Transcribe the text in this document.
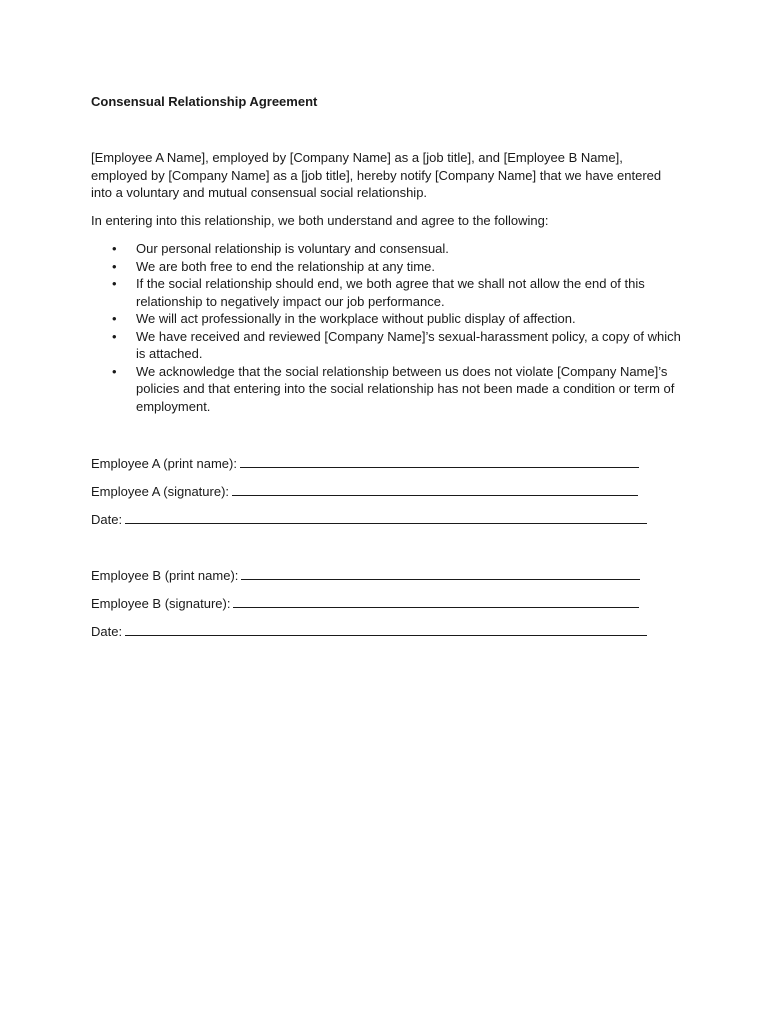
Consensual Relationship Agreement

[Employee A Name], employed by [Company Name] as a [job title], and [Employee B Name], employed by [Company Name] as a [job title], hereby notify [Company Name] that we have entered into a voluntary and mutual consensual social relationship.

In entering into this relationship, we both understand and agree to the following:

• Our personal relationship is voluntary and consensual.
• We are both free to end the relationship at any time.
• If the social relationship should end, we both agree that we shall not allow the end of this relationship to negatively impact our job performance.
• We will act professionally in the workplace without public display of affection.
• We have received and reviewed [Company Name]’s sexual-harassment policy, a copy of which is attached.
• We acknowledge that the social relationship between us does not violate [Company Name]’s policies and that entering into the social relationship has not been made a condition or term of employment.
Employee A (print name):
Employee A (signature):
Date:
Employee B (print name):
Employee B (signature):
Date:
